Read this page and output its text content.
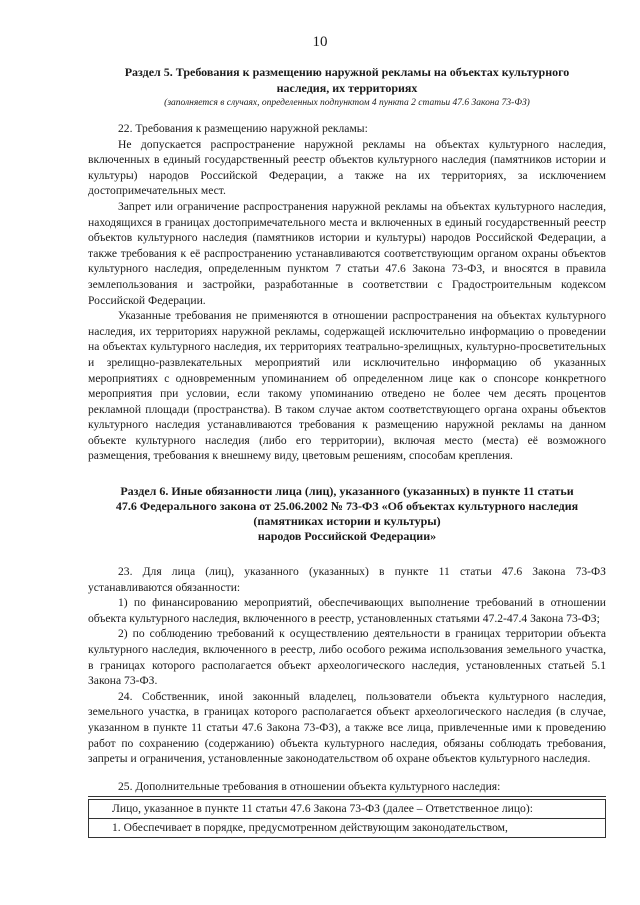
10
Раздел 5. Требования к размещению наружной рекламы на объектах культурного
наследия, их территориях
(заполняется в случаях, определенных подпунктом 4 пункта 2 статьи 47.6 Закона 73-ФЗ)

22. Требования к размещению наружной рекламы:

Не допускается распространение наружной рекламы на объектах культурного наследия, включенных в единый государственный реестр объектов культурного наследия (памятников истории и культуры) народов Российской Федерации, а также на их территориях, за исключением достопримечательных мест.

Запрет или ограничение распространения наружной рекламы на объектах культурного наследия, находящихся в границах достопримечательного места и включенных в единый государственный реестр объектов культурного наследия (памятников истории и культуры) народов Российской Федерации, а также требования к её распространению устанавливаются соответствующим органом охраны объектов культурного наследия, определенным пунктом 7 статьи 47.6 Закона 73-ФЗ, и вносятся в правила землепользования и застройки, разработанные в соответствии с Градостроительным кодексом Российской Федерации.

Указанные требования не применяются в отношении распространения на объектах культурного наследия, их территориях наружной рекламы, содержащей исключительно информацию о проведении на объектах культурного наследия, их территориях театрально-зрелищных, культурно-просветительных и зрелищно-развлекательных мероприятий или исключительно информацию об указанных мероприятиях с одновременным упоминанием об определенном лице как о спонсоре конкретного мероприятия при условии, если такому упоминанию отведено не более чем десять процентов рекламной площади (пространства). В таком случае актом соответствующего органа охраны объектов культурного наследия устанавливаются требования к размещению наружной рекламы на данном объекте культурного наследия (либо его территории), включая место (места) её возможного размещения, требования к внешнему виду, цветовым решениям, способам крепления.

Раздел 6. Иные обязанности лица (лиц), указанного (указанных) в пункте 11 статьи
47.6 Федерального закона от 25.06.2002 № 73-ФЗ «Об объектах культурного наследия
(памятниках истории и культуры)
народов Российской Федерации»

23. Для лица (лиц), указанного (указанных) в пункте 11 статьи 47.6 Закона 73-ФЗ устанавливаются обязанности:

1) по финансированию мероприятий, обеспечивающих выполнение требований в отношении объекта культурного наследия, включенного в реестр, установленных статьями 47.2-47.4 Закона 73-ФЗ;

2) по соблюдению требований к осуществлению деятельности в границах территории объекта культурного наследия, включенного в реестр, либо особого режима использования земельного участка, в границах которого располагается объект археологического наследия, установленных статьей 5.1 Закона 73-ФЗ.

24. Собственник, иной законный владелец, пользователи объекта культурного наследия, земельного участка, в границах которого располагается объект археологического наследия (в случае, указанном в пункте 11 статьи 47.6 Закона 73-ФЗ), а также все лица, привлеченные ими к проведению работ по сохранению (содержанию) объекта культурного наследия, обязаны соблюдать требования, запреты и ограничения, установленные законодательством об охране объектов культурного наследия.

25. Дополнительные требования в отношении объекта культурного наследия:

Лицо, указанное в пункте 11 статьи 47.6 Закона 73-ФЗ (далее – Ответственное лицо):

1. Обеспечивает в порядке, предусмотренном действующим законодательством,
